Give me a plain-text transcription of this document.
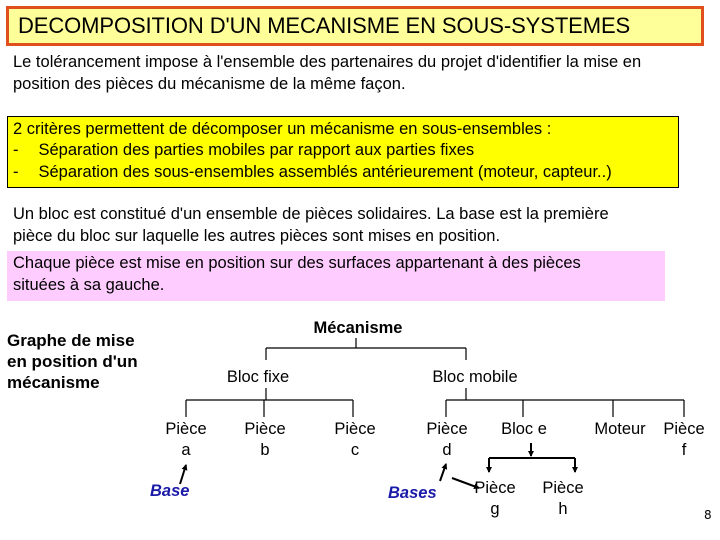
DECOMPOSITION D'UN MECANISME EN SOUS-SYSTEMES
Le tolérancement impose à l'ensemble des partenaires du projet d'identifier la mise en
position des pièces du mécanisme de la même façon.
2 critères permettent de décomposer un mécanisme en sous-ensembles :
- Séparation des parties mobiles par rapport aux parties fixes
- Séparation des sous-ensembles assemblés antérieurement (moteur, capteur..)
Un bloc est constitué d'un ensemble de pièces solidaires. La base est la première
pièce du bloc sur laquelle les autres pièces sont mises en position.
Chaque pièce est mise en position sur des surfaces appartenant à des pièces
situées à sa gauche.
Graphe de mise
en position d'un
mécanisme
Mécanisme
Bloc fixe	Bloc mobile
Pièce
a
Pièce
b
Pièce
c
Pièce
d
Bloc e	Moteur Pièce
f
Pièce
g
Pièce
h
Base	Bases
8
